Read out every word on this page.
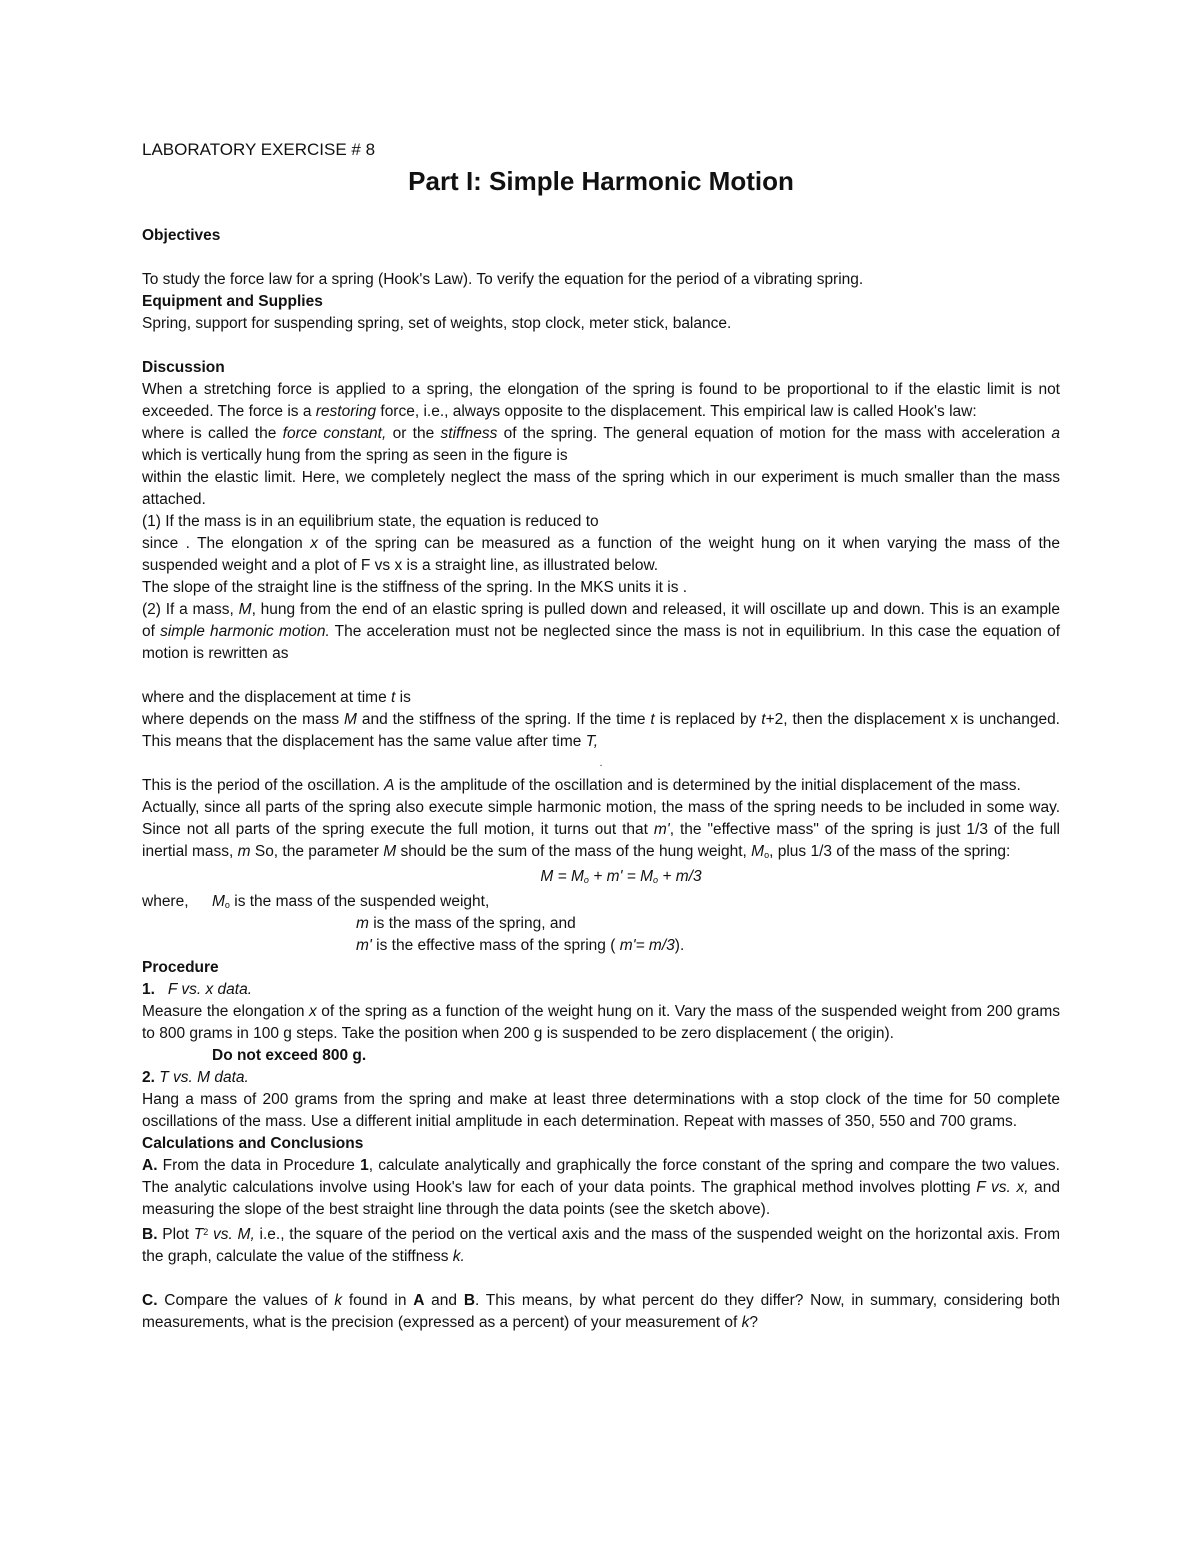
LABORATORY EXERCISE # 8

Part I: Simple Harmonic Motion

Objectives

To study the force law for a spring (Hook's Law). To verify the equation for the period of a vibrating spring.

Equipment and Supplies

Spring, support for suspending spring, set of weights, stop clock, meter stick, balance.

Discussion

When a stretching force is applied to a spring, the elongation of the spring is found to be proportional to if the elastic limit is not exceeded. The force is a restoring force, i.e., always opposite to the displacement. This empirical law is called Hook's law:

where is called the force constant, or the stiffness of the spring. The general equation of motion for the mass with acceleration a which is vertically hung from the spring as seen in the figure is

within the elastic limit. Here, we completely neglect the mass of the spring which in our experiment is much smaller than the mass attached.

(1) If the mass is in an equilibrium state, the equation is reduced to

since . The elongation x of the spring can be measured as a function of the weight hung on it when varying the mass of the suspended weight and a plot of F vs x is a straight line, as illustrated below.

The slope of the straight line is the stiffness of the spring. In the MKS units it is .

(2) If a mass, M, hung from the end of an elastic spring is pulled down and released, it will oscillate up and down. This is an example of simple harmonic motion. The acceleration must not be neglected since the mass is not in equilibrium. In this case the equation of motion is rewritten as

where and the displacement at time t is

where depends on the mass M and the stiffness of the spring. If the time t is replaced by t+2, then the displacement x is unchanged. This means that the displacement has the same value after time T,

.

This is the period of the oscillation. A is the amplitude of the oscillation and is determined by the initial displacement of the mass.

Actually, since all parts of the spring also execute simple harmonic motion, the mass of the spring needs to be included in some way. Since not all parts of the spring execute the full motion, it turns out that m', the "effective mass" of the spring is just 1/3 of the full inertial mass, m So, the parameter M should be the sum of the mass of the hung weight, $M_o$, plus 1/3 of the mass of the spring:

$M = M_o + m' = M_o + m/3$

where, $M_o$ is the mass of the suspended weight,

m is the mass of the spring, and

m' is the effective mass of the spring ( m'= m/3).

Procedure

1. F vs. x data.

Measure the elongation x of the spring as a function of the weight hung on it. Vary the mass of the suspended weight from 200 grams to 800 grams in 100 g steps. Take the position when 200 g is suspended to be zero displacement ( the origin).

Do not exceed 800 g.

2. T vs. M data.

Hang a mass of 200 grams from the spring and make at least three determinations with a stop clock of the time for 50 complete oscillations of the mass. Use a different initial amplitude in each determination. Repeat with masses of 350, 550 and 700 grams.

Calculations and Conclusions

A. From the data in Procedure 1, calculate analytically and graphically the force constant of the spring and compare the two values. The analytic calculations involve using Hook's law for each of your data points. The graphical method involves plotting F vs. x, and measuring the slope of the best straight line through the data points (see the sketch above).

B. Plot $T^2$ vs. M, i.e., the square of the period on the vertical axis and the mass of the suspended weight on the horizontal axis. From the graph, calculate the value of the stiffness k.

C. Compare the values of k found in A and B. This means, by what percent do they differ? Now, in summary, considering both measurements, what is the precision (expressed as a percent) of your measurement of k?
